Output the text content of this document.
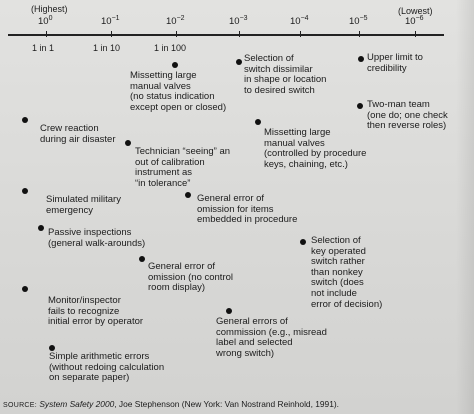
(Highest)	(Lowest)
$10^0$	$10^{-1}$	$10^{-2}$	$10^{-3}$	$10^{-4}$	$10^{-5}$	$10^{-6}$
1 in 1	1 in 10	1 in 100
Missetting large
manual valves
(no status indication
except open or closed)
Selection of
switch dissimilar
in shape or location
to desired switch
Upper limit to
credibility
Two-man team
(one do; one check
then reverse roles)
Crew reaction
during air disaster
Missetting large
manual valves
(controlled by procedure
keys, chaining, etc.)
Technician “seeing” an
out of calibration
instrument as
“in tolerance”
Simulated military
emergency
General error of
omission for items
embedded in procedure
Passive inspections
(general walk-arounds)	Selection of
key operated
switch rather
than nonkey
switch (does
not include
error of decision)
General error of
omission (no control
room display)
Monitor/inspector
fails to recognize
initial error by operator	General errors of
commission (e.g., misread
label and selected
wrong switch)
Simple arithmetic errors
(without redoing calculation
on separate paper)
SOURCE: System Safety 2000, Joe Stephenson (New York: Van Nostrand Reinhold, 1991).
